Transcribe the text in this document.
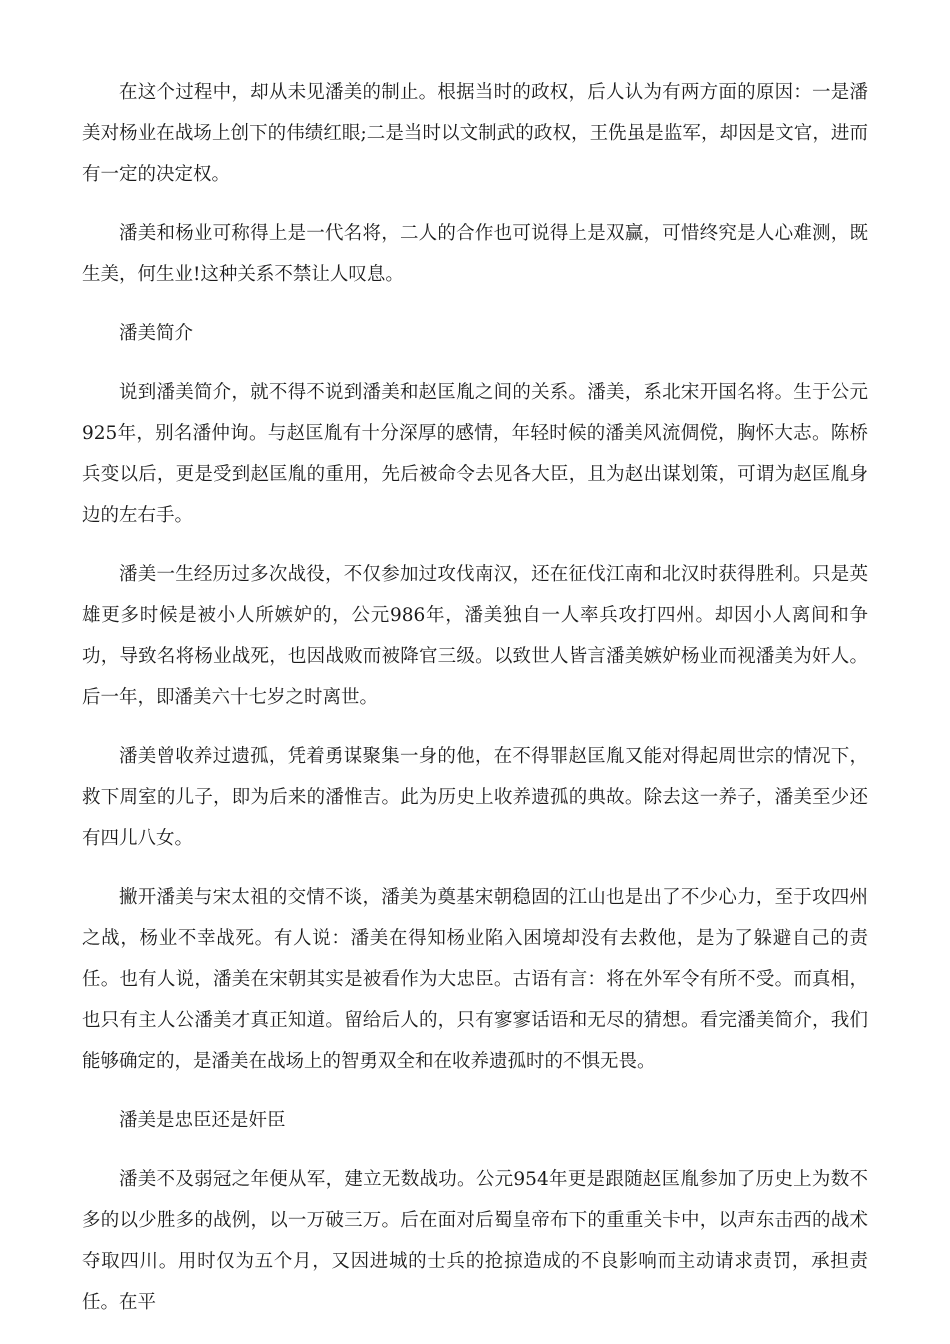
在这个过程中，却从未见潘美的制止。根据当时的政权，后人认为有两方面的原因：一是潘美对杨业在战场上创下的伟绩红眼;二是当时以文制武的政权，王侁虽是监军，却因是文官，进而有一定的决定权。

潘美和杨业可称得上是一代名将，二人的合作也可说得上是双赢，可惜终究是人心难测，既生美，何生业!这种关系不禁让人叹息。

潘美简介

说到潘美简介，就不得不说到潘美和赵匡胤之间的关系。潘美，系北宋开国名将。生于公元925年，别名潘仲询。与赵匡胤有十分深厚的感情，年轻时候的潘美风流倜傥，胸怀大志。陈桥兵变以后，更是受到赵匡胤的重用，先后被命令去见各大臣，且为赵出谋划策，可谓为赵匡胤身边的左右手。

潘美一生经历过多次战役，不仅参加过攻伐南汉，还在征伐江南和北汉时获得胜利。只是英雄更多时候是被小人所嫉妒的，公元986年，潘美独自一人率兵攻打四州。却因小人离间和争功，导致名将杨业战死，也因战败而被降官三级。以致世人皆言潘美嫉妒杨业而视潘美为奸人。后一年，即潘美六十七岁之时离世。

潘美曾收养过遗孤，凭着勇谋聚集一身的他，在不得罪赵匡胤又能对得起周世宗的情况下，救下周室的儿子，即为后来的潘惟吉。此为历史上收养遗孤的典故。除去这一养子，潘美至少还有四儿八女。

撇开潘美与宋太祖的交情不谈，潘美为奠基宋朝稳固的江山也是出了不少心力，至于攻四州之战，杨业不幸战死。有人说：潘美在得知杨业陷入困境却没有去救他，是为了躲避自己的责任。也有人说，潘美在宋朝其实是被看作为大忠臣。古语有言：将在外军令有所不受。而真相，也只有主人公潘美才真正知道。留给后人的，只有寥寥话语和无尽的猜想。看完潘美简介，我们能够确定的，是潘美在战场上的智勇双全和在收养遗孤时的不惧无畏。

潘美是忠臣还是奸臣

潘美不及弱冠之年便从军，建立无数战功。公元954年更是跟随赵匡胤参加了历史上为数不多的以少胜多的战例，以一万破三万。后在面对后蜀皇帝布下的重重关卡中，以声东击西的战术夺取四川。用时仅为五个月，又因进城的士兵的抢掠造成的不良影响而主动请求责罚，承担责任。在平
